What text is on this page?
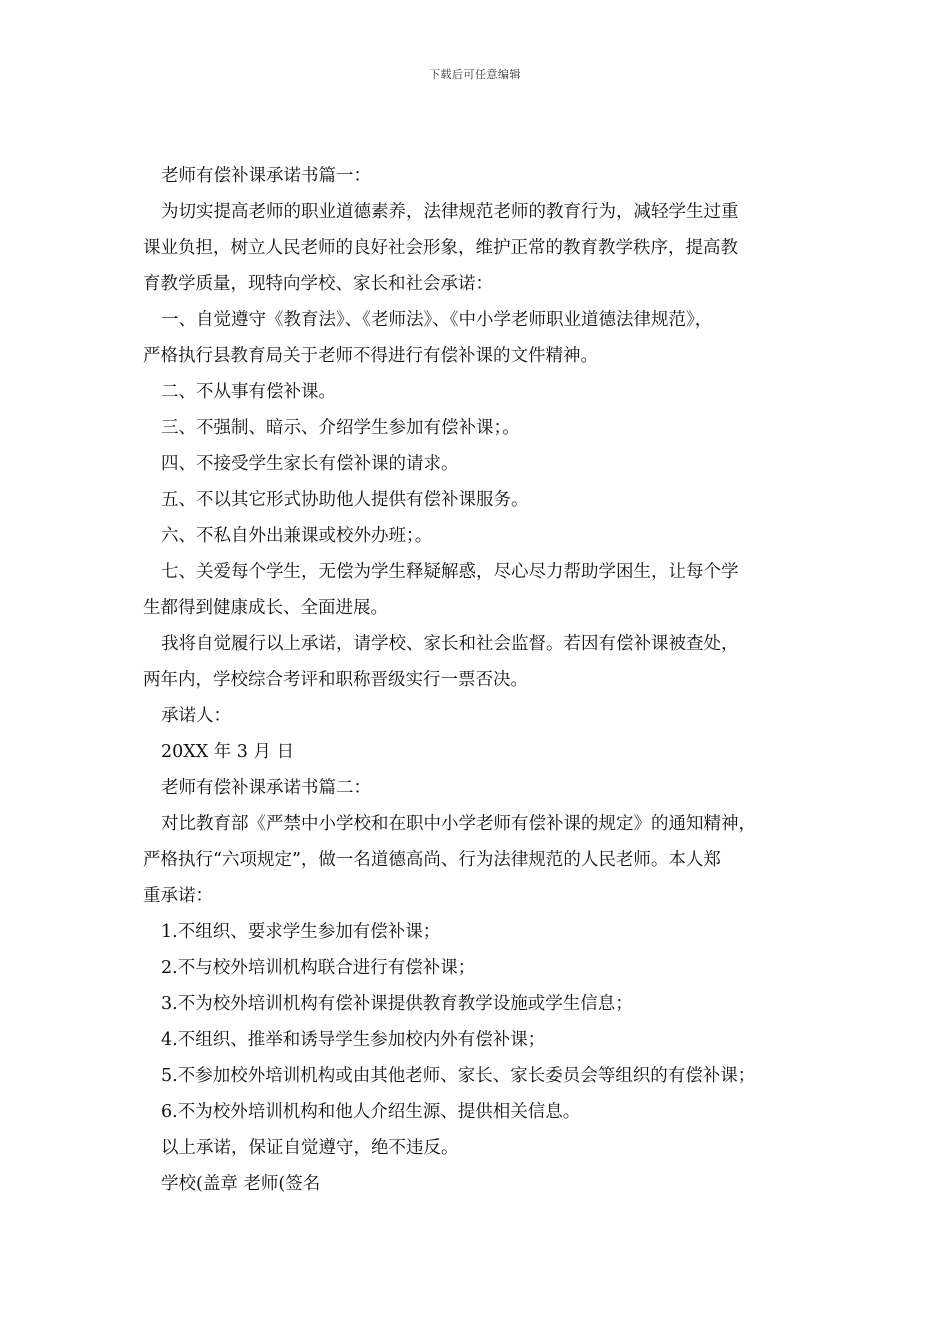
下载后可任意编辑
老师有偿补课承诺书篇一：
为切实提高老师的职业道德素养，法律规范老师的教育行为，减轻学生过重
课业负担，树立人民老师的良好社会形象，维护正常的教育教学秩序，提高教
育教学质量，现特向学校、家长和社会承诺：
一、自觉遵守《教育法》、《老师法》、《中小学老师职业道德法律规范》，
严格执行县教育局关于老师不得进行有偿补课的文件精神。
二、不从事有偿补课。
三、不强制、暗示、介绍学生参加有偿补课；。
四、不接受学生家长有偿补课的请求。
五、不以其它形式协助他人提供有偿补课服务。
六、不私自外出兼课或校外办班；。
七、关爱每个学生，无偿为学生释疑解惑，尽心尽力帮助学困生，让每个学
生都得到健康成长、全面进展。
我将自觉履行以上承诺，请学校、家长和社会监督。若因有偿补课被查处，
两年内，学校综合考评和职称晋级实行一票否决。
承诺人：
20XX 年 3 月 日
老师有偿补课承诺书篇二：
对比教育部《严禁中小学校和在职中小学老师有偿补课的规定》的通知精神，
严格执行“六项规定”，做一名道德高尚、行为法律规范的人民老师。本人郑
重承诺：
1.不组织、要求学生参加有偿补课；
2.不与校外培训机构联合进行有偿补课；
3.不为校外培训机构有偿补课提供教育教学设施或学生信息；
4.不组织、推举和诱导学生参加校内外有偿补课；
5.不参加校外培训机构或由其他老师、家长、家长委员会等组织的有偿补课；
6.不为校外培训机构和他人介绍生源、提供相关信息。
以上承诺，保证自觉遵守，绝不违反。
学校(盖章 老师(签名
